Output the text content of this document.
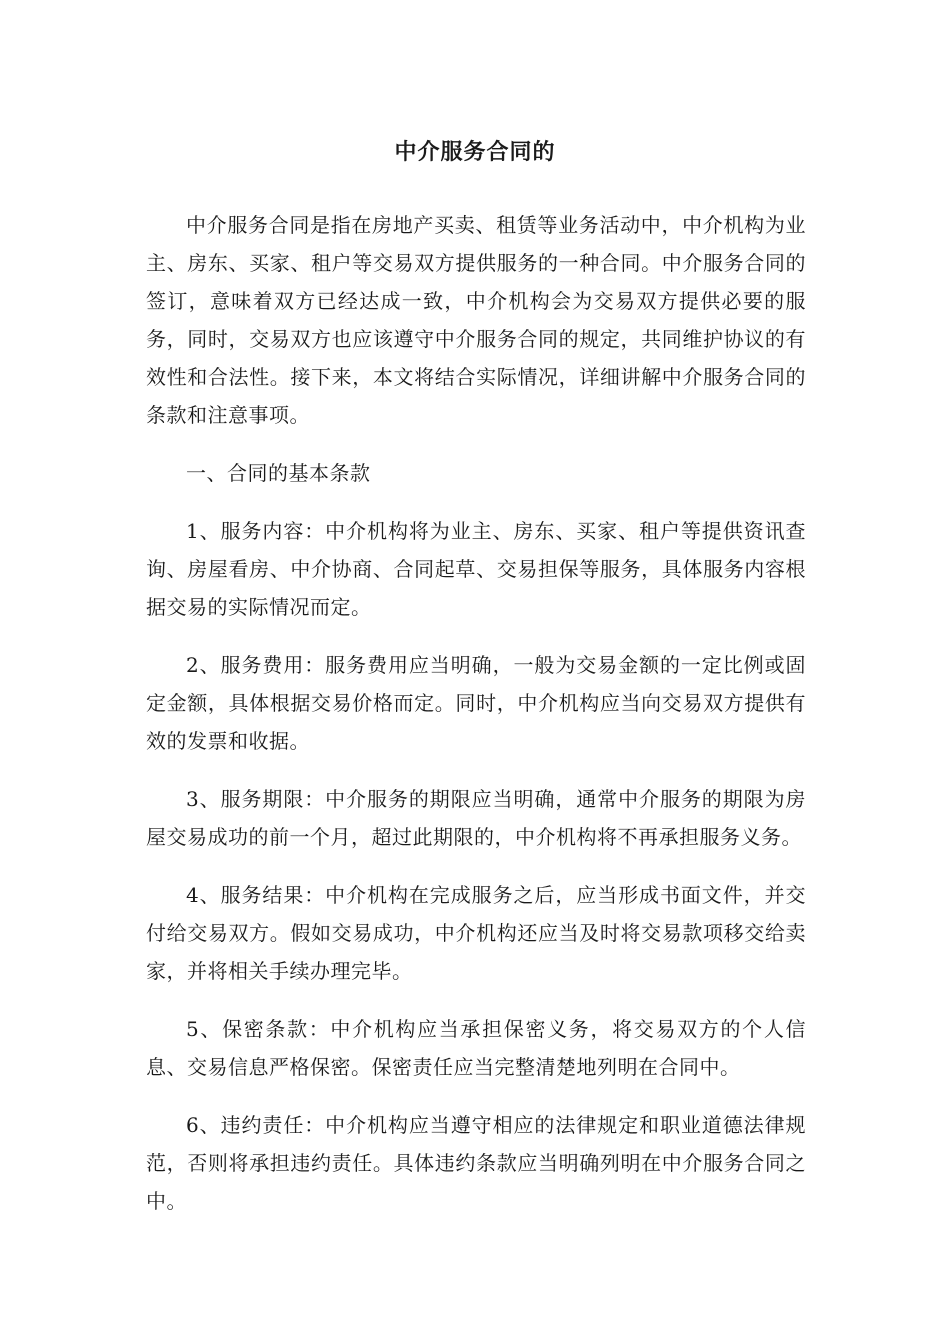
中介服务合同的

中介服务合同是指在房地产买卖、租赁等业务活动中，中介机构为业主、房东、买家、租户等交易双方提供服务的一种合同。中介服务合同的签订，意味着双方已经达成一致，中介机构会为交易双方提供必要的服务，同时，交易双方也应该遵守中介服务合同的规定，共同维护协议的有效性和合法性。接下来，本文将结合实际情况，详细讲解中介服务合同的条款和注意事项。

一、合同的基本条款

1、服务内容：中介机构将为业主、房东、买家、租户等提供资讯查询、房屋看房、中介协商、合同起草、交易担保等服务，具体服务内容根据交易的实际情况而定。

2、服务费用：服务费用应当明确，一般为交易金额的一定比例或固定金额，具体根据交易价格而定。同时，中介机构应当向交易双方提供有效的发票和收据。

3、服务期限：中介服务的期限应当明确，通常中介服务的期限为房屋交易成功的前一个月，超过此期限的，中介机构将不再承担服务义务。

4、服务结果：中介机构在完成服务之后，应当形成书面文件，并交付给交易双方。假如交易成功，中介机构还应当及时将交易款项移交给卖家，并将相关手续办理完毕。

5、保密条款：中介机构应当承担保密义务，将交易双方的个人信息、交易信息严格保密。保密责任应当完整清楚地列明在合同中。

6、违约责任：中介机构应当遵守相应的法律规定和职业道德法律规范，否则将承担违约责任。具体违约条款应当明确列明在中介服务合同之中。
